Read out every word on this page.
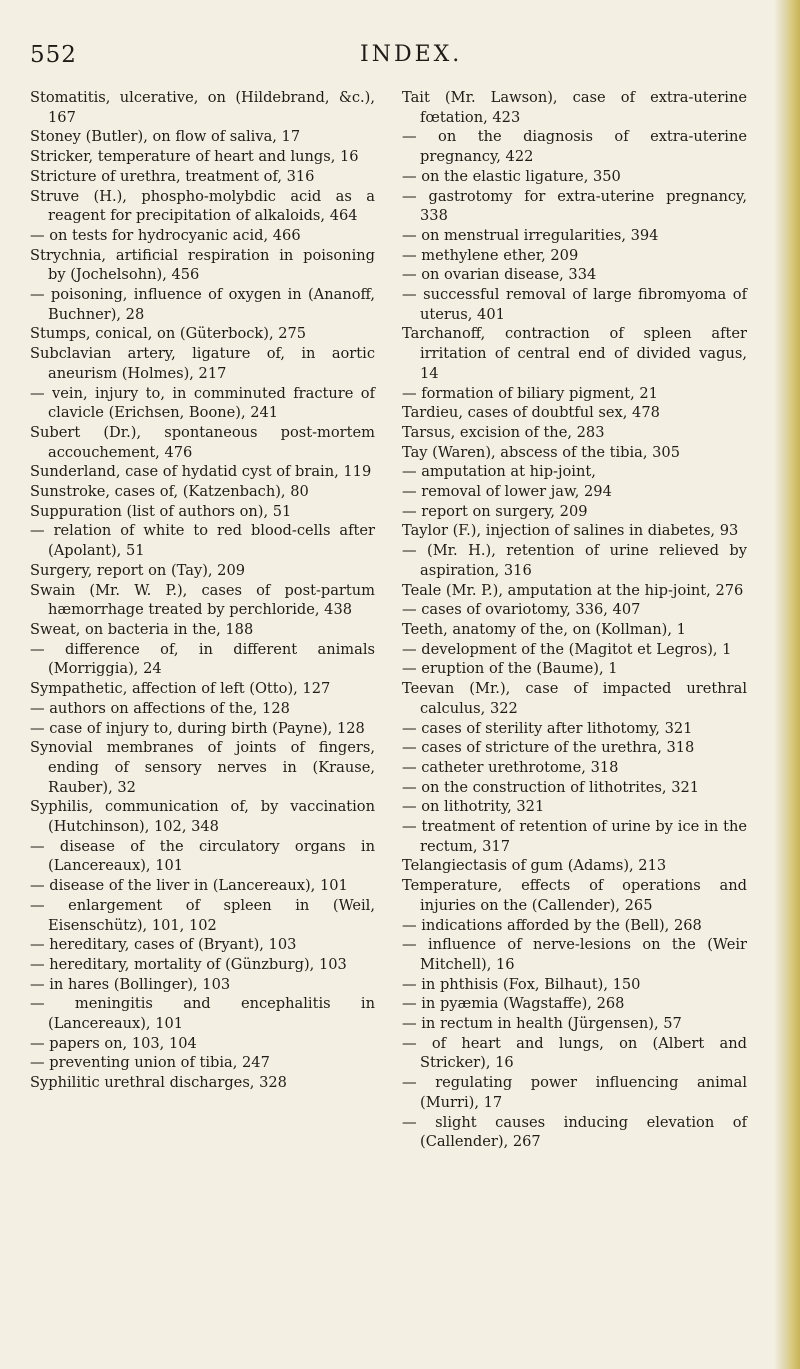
552	INDEX.

Stomatitis, ulcerative, on (Hildebrand, &c.), 167

Stoney (Butler), on flow of saliva, 17

Stricker, temperature of heart and lungs, 16

Stricture of urethra, treatment of, 316

Struve (H.), phospho-molybdic acid as a reagent for precipitation of alkaloids, 464

— on tests for hydrocyanic acid, 466

Strychnia, artificial respiration in poisoning by (Jochelsohn), 456

— poisoning, influence of oxygen in (Ananoff, Buchner), 28

Stumps, conical, on (Güterbock), 275

Subclavian artery, ligature of, in aortic aneurism (Holmes), 217

— vein, injury to, in comminuted fracture of clavicle (Erichsen, Boone), 241

Subert (Dr.), spontaneous post-mortem accouchement, 476

Sunderland, case of hydatid cyst of brain, 119

Sunstroke, cases of, (Katzenbach), 80

Suppuration (list of authors on), 51

— relation of white to red blood-cells after (Apolant), 51

Surgery, report on (Tay), 209

Swain (Mr. W. P.), cases of post-partum hæmorrhage treated by perchloride, 438

Sweat, on bacteria in the, 188

— difference of, in different animals (Morriggia), 24

Sympathetic, affection of left (Otto), 127

— authors on affections of the, 128

— case of injury to, during birth (Payne), 128

Synovial membranes of joints of fingers, ending of sensory nerves in (Krause, Rauber), 32

Syphilis, communication of, by vaccination (Hutchinson), 102, 348

— disease of the circulatory organs in (Lancereaux), 101

— disease of the liver in (Lancereaux), 101

— enlargement of spleen in (Weil, Eisenschütz), 101, 102

— hereditary, cases of (Bryant), 103

— hereditary, mortality of (Günzburg), 103

— in hares (Bollinger), 103

— meningitis and encephalitis in (Lancereaux), 101

— papers on, 103, 104

— preventing union of tibia, 247

Syphilitic urethral discharges, 328

Tait (Mr. Lawson), case of extra-uterine fœtation, 423

— on the diagnosis of extra-uterine pregnancy, 422

— on the elastic ligature, 350

— gastrotomy for extra-uterine pregnancy, 338

— on menstrual irregularities, 394

— methylene ether, 209

— on ovarian disease, 334

— successful removal of large fibromyoma of uterus, 401

Tarchanoff, contraction of spleen after irritation of central end of divided vagus, 14

— formation of biliary pigment, 21

Tardieu, cases of doubtful sex, 478

Tarsus, excision of the, 283

Tay (Waren), abscess of the tibia, 305

— amputation at hip-joint,

— removal of lower jaw, 294

— report on surgery, 209

Taylor (F.), injection of salines in diabetes, 93

— (Mr. H.), retention of urine relieved by aspiration, 316

Teale (Mr. P.), amputation at the hip-joint, 276

— cases of ovariotomy, 336, 407

Teeth, anatomy of the, on (Kollman), 1

— development of the (Magitot et Legros), 1

— eruption of the (Baume), 1

Teevan (Mr.), case of impacted urethral calculus, 322

— cases of sterility after lithotomy, 321

— cases of stricture of the urethra, 318

— catheter urethrotome, 318

— on the construction of lithotrites, 321

— on lithotrity, 321

— treatment of retention of urine by ice in the rectum, 317

Telangiectasis of gum (Adams), 213

Temperature, effects of operations and injuries on the (Callender), 265

— indications afforded by the (Bell), 268

— influence of nerve-lesions on the (Weir Mitchell), 16

— in phthisis (Fox, Bilhaut), 150

— in pyæmia (Wagstaffe), 268

— in rectum in health (Jürgensen), 57

— of heart and lungs, on (Albert and Stricker), 16

— regulating power influencing animal (Murri), 17

— slight causes inducing elevation of (Callender), 267
